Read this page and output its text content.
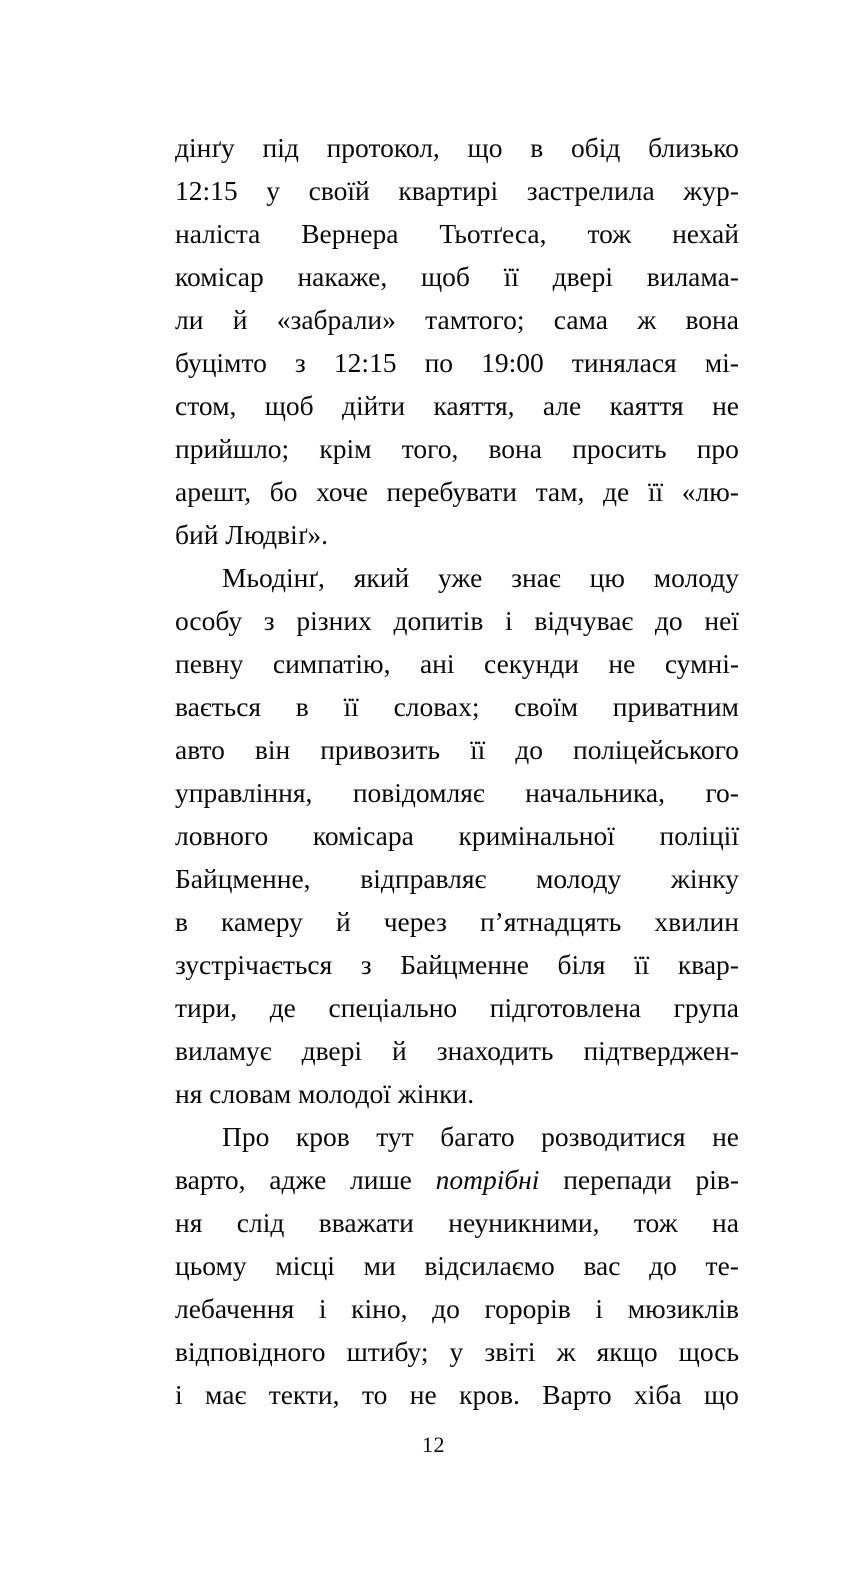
дінґу під протокол, що в обід близько
12:15 у своїй квартирі застрелила жур-
наліста Вернера Тьотґеса, тож нехай
комісар накаже, щоб її двері вилама-
ли й «забрали» тамтого; сама ж вона
буцімто з 12:15 по 19:00 тинялася мі-
стом, щоб дійти каяття, але каяття не
прийшло; крім того, вона просить про
арешт, бо хоче перебувати там, де її «лю-
бий Людвіґ».
Мьодінґ, який уже знає цю молоду
особу з різних допитів і відчуває до неї
певну симпатію, ані секунди не сумні-
вається в її словах; своїм приватним
авто він привозить її до поліцейського
управління, повідомляє начальника, го-
ловного комісара кримінальної поліції
Байцменне, відправляє молоду жінку
в камеру й через п’ятнадцять хвилин
зустрічається з Байцменне біля її квар-
тири, де спеціально підготовлена група
виламує двері й знаходить підтверджен-
ня словам молодої жінки.
Про кров тут багато розводитися не
варто, адже лише потрібні перепади рів-
ня слід вважати неуникними, тож на
цьому місці ми відсилаємо вас до те-
лебачення і кіно, до горорів і мюзиклів
відповідного штибу; у звіті ж якщо щось
і має текти, то не кров. Варто хіба що
12
